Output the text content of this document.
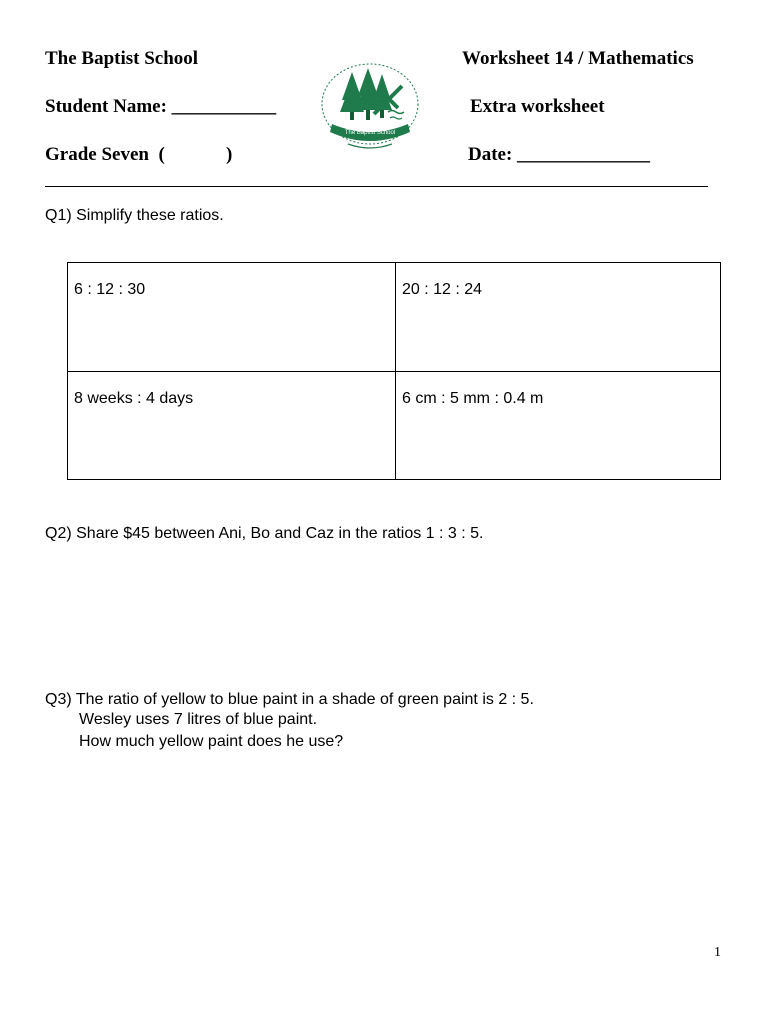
The Baptist School	Worksheet 14 / Mathematics
Student Name: ___________	Extra worksheet
Grade Seven  (	)	Date: ______________
The Baptist School
Q1) Simplify these ratios.
6 : 12 : 30	20 : 12 : 24
8 weeks : 4 days	6 cm : 5 mm : 0.4 m
Q2) Share $45 between Ani, Bo and Caz in the ratios 1 : 3 : 5.
Q3) The ratio of yellow to blue paint in a shade of green paint is 2 : 5.
Wesley uses 7 litres of blue paint.
How much yellow paint does he use?
1
